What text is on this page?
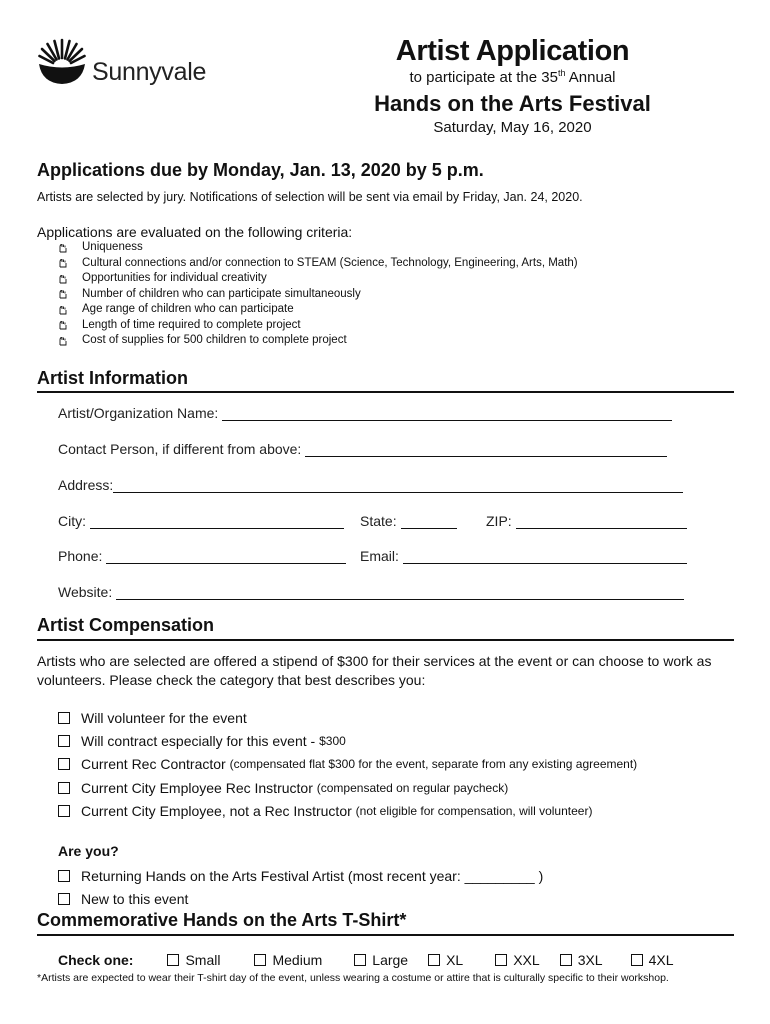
Sunnyvale
Artist Application
to participate at the 35th Annual
Hands on the Arts Festival
Saturday, May 16, 2020
Applications due by Monday, Jan. 13, 2020 by 5 p.m.
Artists are selected by jury. Notifications of selection will be sent via email by Friday, Jan. 24, 2020.
Applications are evaluated on the following criteria:
Uniqueness
Cultural connections and/or connection to STEAM (Science, Technology, Engineering, Arts, Math)
Opportunities for individual creativity
Number of children who can participate simultaneously
Age range of children who can participate
Length of time required to complete project
Cost of supplies for 500 children to complete project
Artist Information
Artist/Organization Name:
Contact Person, if different from above:
Address:
City:	State:	ZIP:
Phone:	Email:
Website:
Artist Compensation
Artists who are selected are offered a stipend of $300 for their services at the event or can choose to work as volunteers. Please check the category that best describes you:
Will volunteer for the event
Will contract especially for this event -
$300
Current Rec Contractor
(compensated flat $300 for the event, separate from any existing agreement)
Current City Employee Rec Instructor
(compensated on regular paycheck)
Current City Employee, not a Rec Instructor
(not eligible for compensation, will volunteer)
Are you?
Returning Hands on the Arts Festival Artist (most recent year: _________ )
New to this event
Commemorative Hands on the Arts T-Shirt*
Check one:	Small	Medium	Large	XL	XXL	3XL	4XL
*Artists are expected to wear their T-shirt day of the event, unless wearing a costume or attire that is culturally specific to their workshop.
